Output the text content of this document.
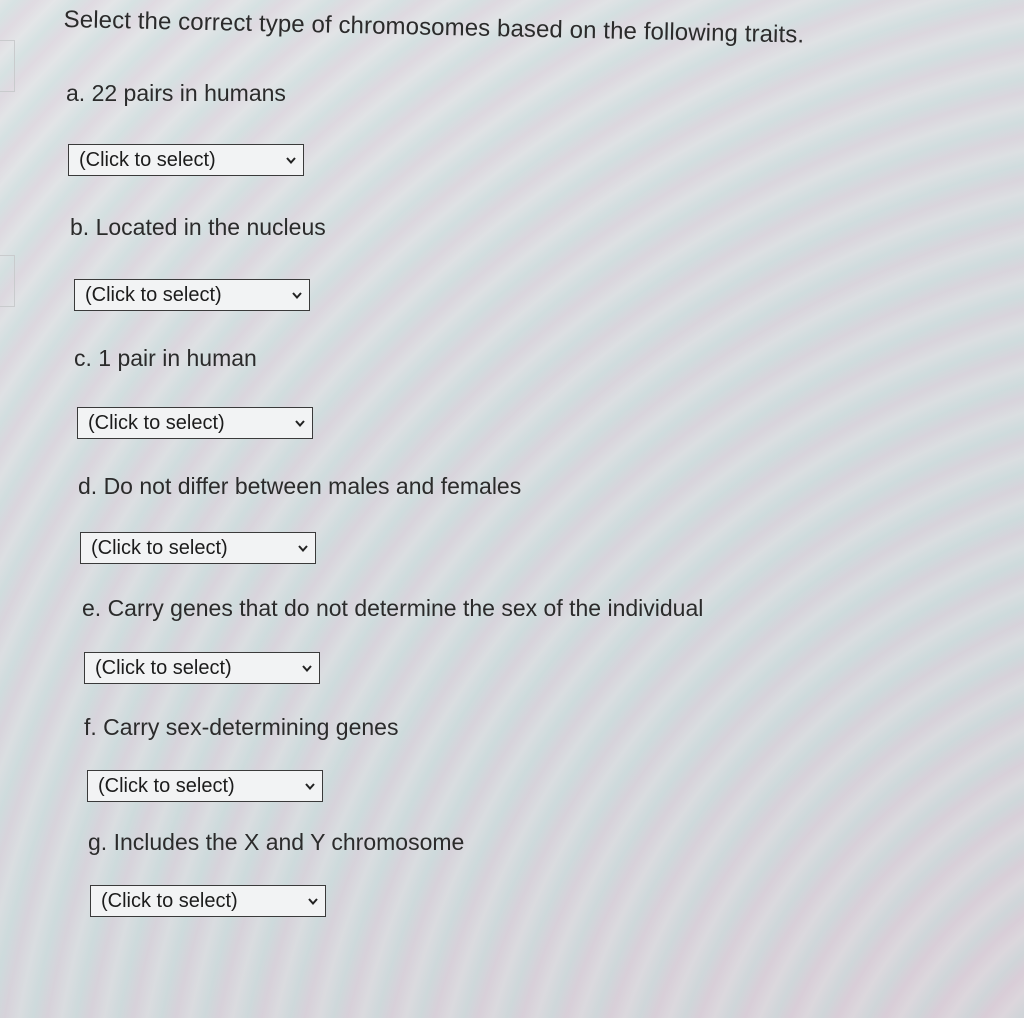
Select the correct type of chromosomes based on the following traits.
a. 22 pairs in humans
(Click to select)
b. Located in the nucleus
(Click to select)
c. 1 pair in human
(Click to select)
d. Do not differ between males and females
(Click to select)
e. Carry genes that do not determine the sex of the individual
(Click to select)
f. Carry sex-determining genes
(Click to select)
g. Includes the X and Y chromosome
(Click to select)
